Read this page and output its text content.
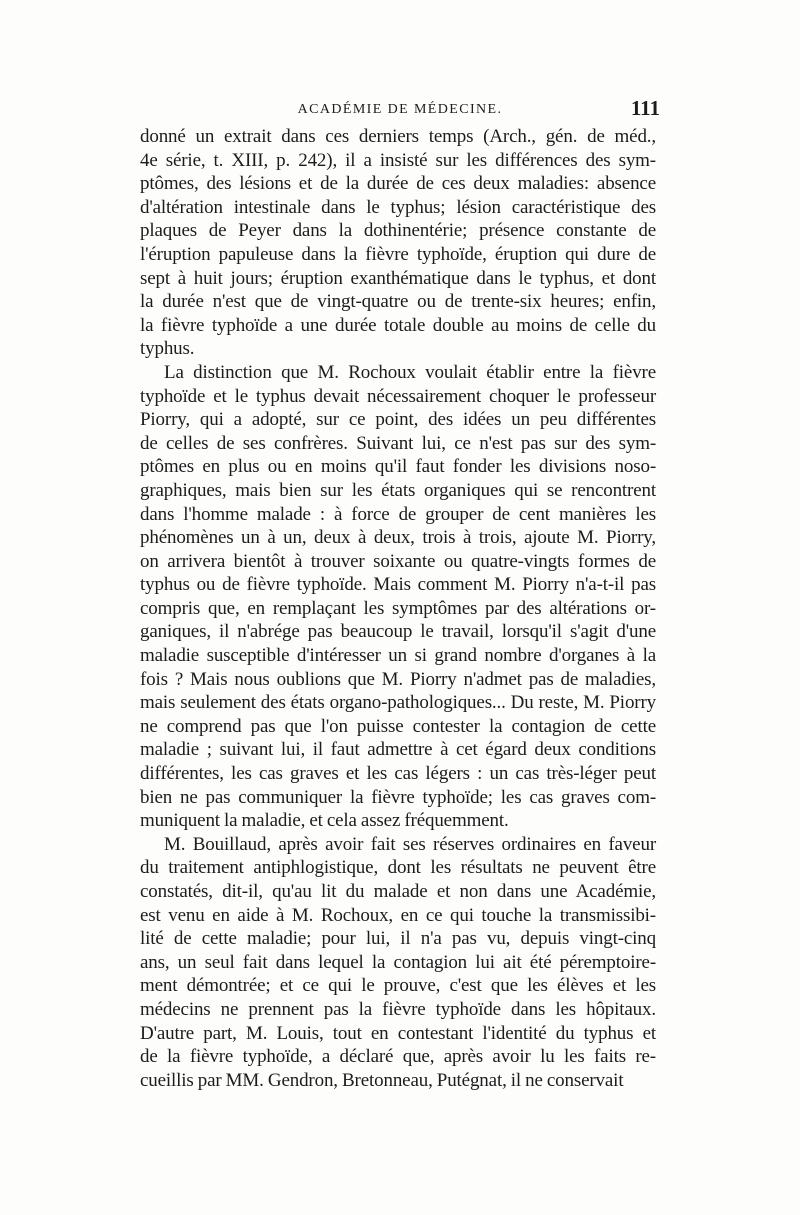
ACADÉMIE DE MÉDECINE.	111
donné un extrait dans ces derniers temps (Arch., gén. de méd.,
4e série, t. XIII, p. 242), il a insisté sur les différences des sym-
ptômes, des lésions et de la durée de ces deux maladies: absence
d'altération intestinale dans le typhus; lésion caractéristique des
plaques de Peyer dans la dothinentérie; présence constante de
l'éruption papuleuse dans la fièvre typhoïde, éruption qui dure de
sept à huit jours; éruption exanthématique dans le typhus, et dont
la durée n'est que de vingt-quatre ou de trente-six heures; enfin,
la fièvre typhoïde a une durée totale double au moins de celle du
typhus.
La distinction que M. Rochoux voulait établir entre la fièvre
typhoïde et le typhus devait nécessairement choquer le professeur
Piorry, qui a adopté, sur ce point, des idées un peu différentes
de celles de ses confrères. Suivant lui, ce n'est pas sur des sym-
ptômes en plus ou en moins qu'il faut fonder les divisions noso-
graphiques, mais bien sur les états organiques qui se rencontrent
dans l'homme malade : à force de grouper de cent manières les
phénomènes un à un, deux à deux, trois à trois, ajoute M. Piorry,
on arrivera bientôt à trouver soixante ou quatre-vingts formes de
typhus ou de fièvre typhoïde. Mais comment M. Piorry n'a-t-il pas
compris que, en remplaçant les symptômes par des altérations or-
ganiques, il n'abrége pas beaucoup le travail, lorsqu'il s'agit d'une
maladie susceptible d'intéresser un si grand nombre d'organes à la
fois ? Mais nous oublions que M. Piorry n'admet pas de maladies,
mais seulement des états organo-pathologiques... Du reste, M. Piorry
ne comprend pas que l'on puisse contester la contagion de cette
maladie ; suivant lui, il faut admettre à cet égard deux conditions
différentes, les cas graves et les cas légers : un cas très-léger peut
bien ne pas communiquer la fièvre typhoïde; les cas graves com-
muniquent la maladie, et cela assez fréquemment.
M. Bouillaud, après avoir fait ses réserves ordinaires en faveur
du traitement antiphlogistique, dont les résultats ne peuvent être
constatés, dit-il, qu'au lit du malade et non dans une Académie,
est venu en aide à M. Rochoux, en ce qui touche la transmissibi-
lité de cette maladie; pour lui, il n'a pas vu, depuis vingt-cinq
ans, un seul fait dans lequel la contagion lui ait été péremptoire-
ment démontrée; et ce qui le prouve, c'est que les élèves et les
médecins ne prennent pas la fièvre typhoïde dans les hôpitaux.
D'autre part, M. Louis, tout en contestant l'identité du typhus et
de la fièvre typhoïde, a déclaré que, après avoir lu les faits re-
cueillis par MM. Gendron, Bretonneau, Putégnat, il ne conservait
